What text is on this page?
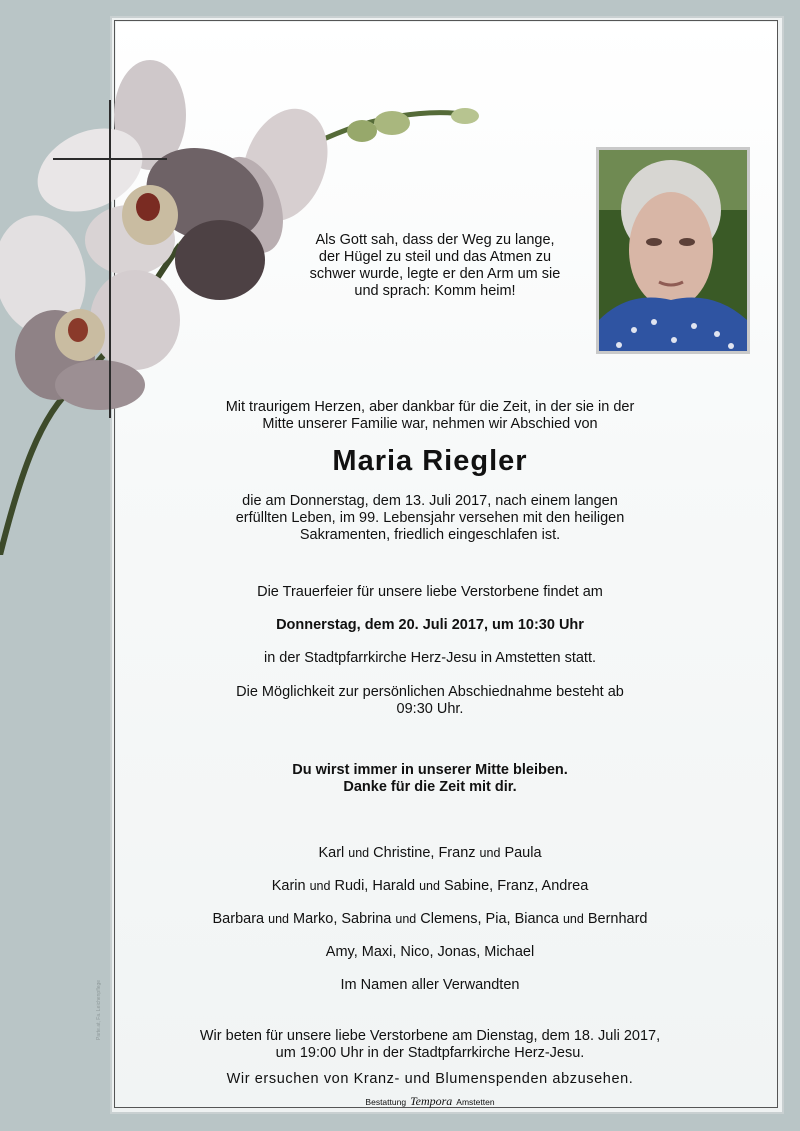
Als Gott sah, dass der Weg zu lange,
der Hügel zu steil und das Atmen zu
schwer wurde, legte er den Arm um sie
und sprach: Komm heim!
Mit traurigem Herzen, aber dankbar für die Zeit, in der sie in der
Mitte unserer Familie war, nehmen wir Abschied von
Maria Riegler
die am Donnerstag, dem 13. Juli 2017, nach einem langen
erfüllten Leben, im 99. Lebensjahr versehen mit den heiligen
Sakramenten, friedlich eingeschlafen ist.
Die Trauerfeier für unsere liebe Verstorbene findet am
Donnerstag, dem 20. Juli 2017, um 10:30 Uhr
in der Stadtpfarrkirche Herz-Jesu in Amstetten statt.
Die Möglichkeit zur persönlichen Abschiednahme besteht ab
09:30 Uhr.
Du wirst immer in unserer Mitte bleiben.
Danke für die Zeit mit dir.
Karl und Christine, Franz und Paula
Karin und Rudi, Harald und Sabine, Franz, Andrea
Barbara und Marko, Sabrina und Clemens, Pia, Bianca und Bernhard
Amy, Maxi, Nico, Jonas, Michael
Im Namen aller Verwandten
Wir beten für unsere liebe Verstorbene am Dienstag, dem 18. Juli 2017,
um 19:00 Uhr in der Stadtpfarrkirche Herz-Jesu.
Wir ersuchen von Kranz- und Blumenspenden abzusehen.
Bestattung Tempora Amstetten
Parte.at, Fa. Leichenpflege
